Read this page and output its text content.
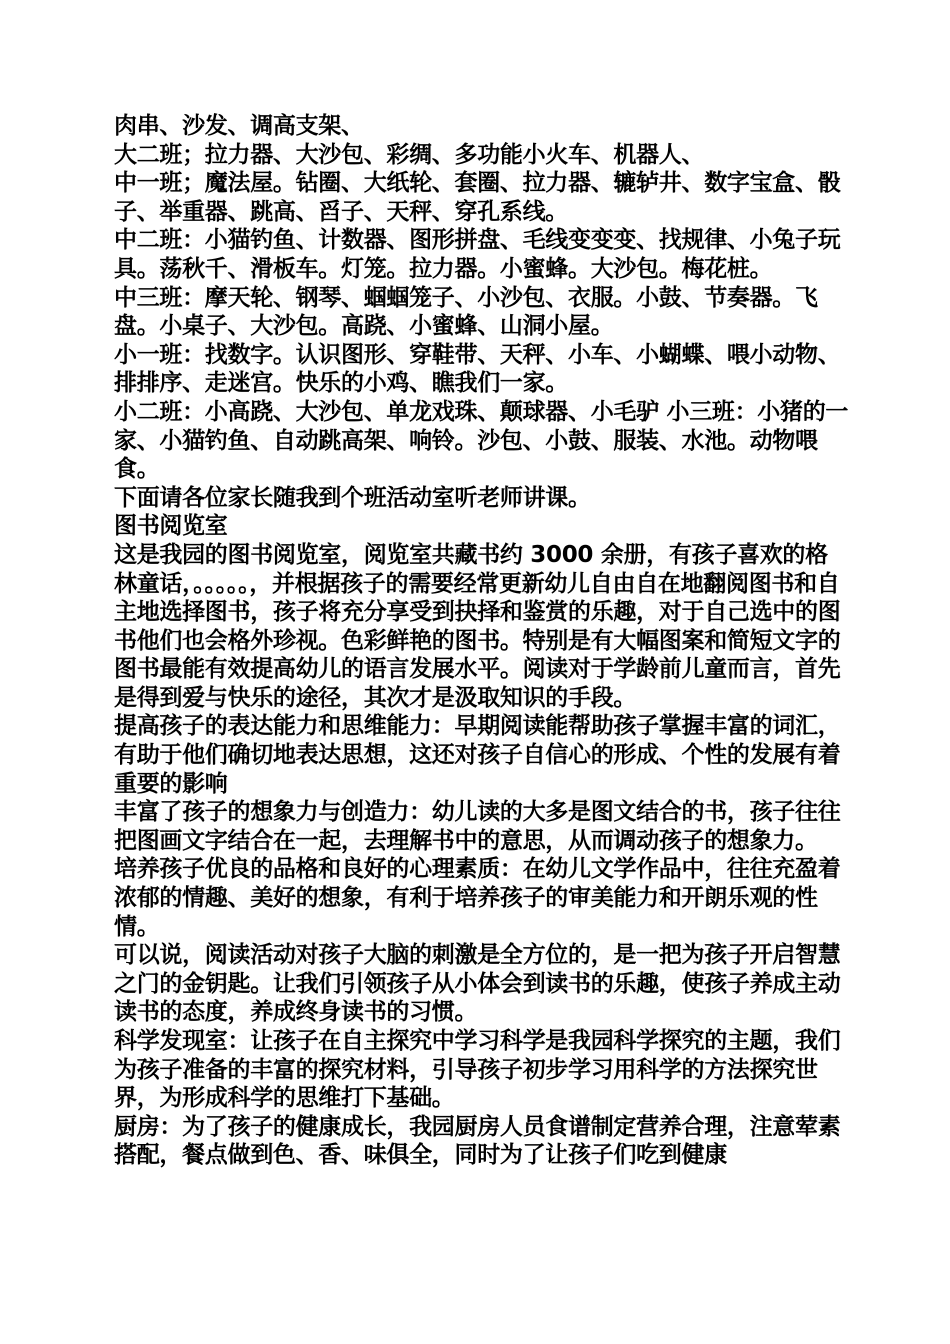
肉串、沙发、调高支架、

大二班；拉力器、大沙包、彩绸、多功能小火车、机器人、

中一班；魔法屋。钻圈、大纸轮、套圈、拉力器、辘轳井、数字宝盒、骰子、举重器、跳高、舀子、天秤、穿孔系线。

中二班：小猫钓鱼、计数器、图形拼盘、毛线变变变、找规律、小兔子玩具。荡秋千、滑板车。灯笼。拉力器。小蜜蜂。大沙包。梅花桩。

中三班：摩天轮、钢琴、蝈蝈笼子、小沙包、衣服。小鼓、节奏器。飞盘。小桌子、大沙包。高跷、小蜜蜂、山洞小屋。

小一班：找数字。认识图形、穿鞋带、天秤、小车、小蝴蝶、喂小动物、排排序、走迷宫。快乐的小鸡、瞧我们一家。

小二班：小高跷、大沙包、单龙戏珠、颠球器、小毛驴 小三班：小猪的一家、小猫钓鱼、自动跳高架、响铃。沙包、小鼓、服装、水池。动物喂食。

下面请各位家长随我到个班活动室听老师讲课。

图书阅览室

这是我园的图书阅览室，阅览室共藏书约 3000 余册，有孩子喜欢的格林童话，。。。。。，并根据孩子的需要经常更新幼儿自由自在地翻阅图书和自主地选择图书，孩子将充分享受到抉择和鉴赏的乐趣，对于自己选中的图书他们也会格外珍视。色彩鲜艳的图书。特别是有大幅图案和简短文字的图书最能有效提高幼儿的语言发展水平。阅读对于学龄前儿童而言，首先是得到爱与快乐的途径，其次才是汲取知识的手段。

提高孩子的表达能力和思维能力：早期阅读能帮助孩子掌握丰富的词汇，有助于他们确切地表达思想，这还对孩子自信心的形成、个性的发展有着重要的影响

丰富了孩子的想象力与创造力：幼儿读的大多是图文结合的书，孩子往往把图画文字结合在一起，去理解书中的意思，从而调动孩子的想象力。

培养孩子优良的品格和良好的心理素质：在幼儿文学作品中，往往充盈着浓郁的情趣、美好的想象，有利于培养孩子的审美能力和开朗乐观的性情。

可以说，阅读活动对孩子大脑的刺激是全方位的，是一把为孩子开启智慧之门的金钥匙。让我们引领孩子从小体会到读书的乐趣，使孩子养成主动读书的态度，养成终身读书的习惯。

科学发现室：让孩子在自主探究中学习科学是我园科学探究的主题，我们为孩子准备的丰富的探究材料，引导孩子初步学习用科学的方法探究世界，为形成科学的思维打下基础。

厨房：为了孩子的健康成长，我园厨房人员食谱制定营养合理，注意荤素搭配，餐点做到色、香、味俱全，同时为了让孩子们吃到健康
